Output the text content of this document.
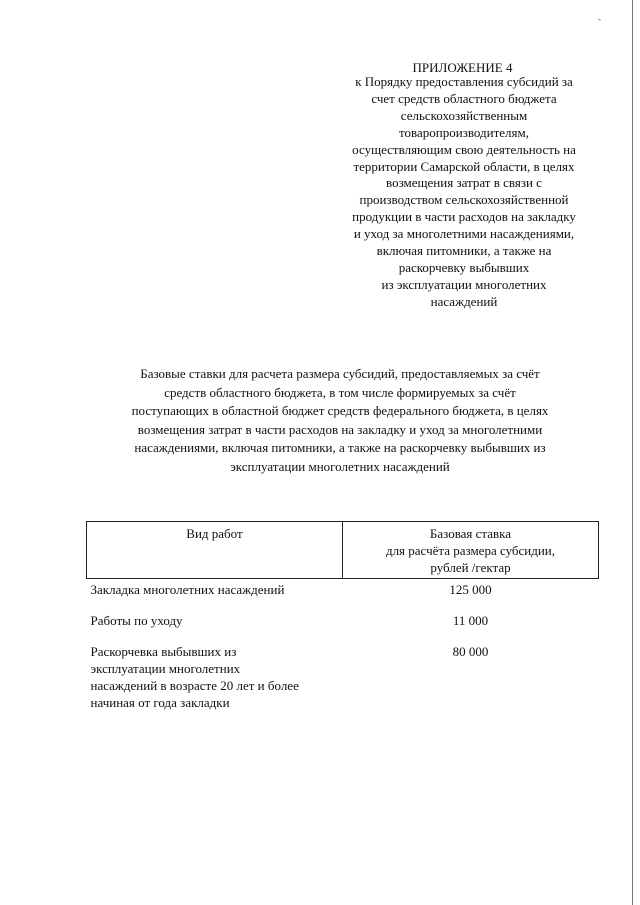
-
ПРИЛОЖЕНИЕ 4
к Порядку предоставления субсидий за
счет средств областного бюджета
сельскохозяйственным
товаропроизводителям,
осуществляющим свою деятельность на
территории Самарской области, в целях
возмещения затрат в связи с
производством сельскохозяйственной
продукции в части расходов на закладку
и уход за многолетними насаждениями,
включая питомники, а также на
раскорчевку выбывших
из эксплуатации многолетних
насаждений
Базовые ставки для расчета размера субсидий, предоставляемых за счёт
средств областного бюджета, в том числе формируемых за счёт
поступающих в областной бюджет средств федерального бюджета, в целях
возмещения затрат в части расходов на закладку и уход за многолетними
насаждениями, включая питомники, а также на раскорчевку выбывших из
эксплуатации многолетних насаждений
Вид работ	Базовая ставка
для расчёта размера субсидии,
рублей /гектар

Закладка многолетних насаждений	125 000

Работы по уходу	11 000

Раскорчевка выбывших из
эксплуатации многолетних
насаждений в возрасте 20 лет и более
начиная от года закладки	80 000
